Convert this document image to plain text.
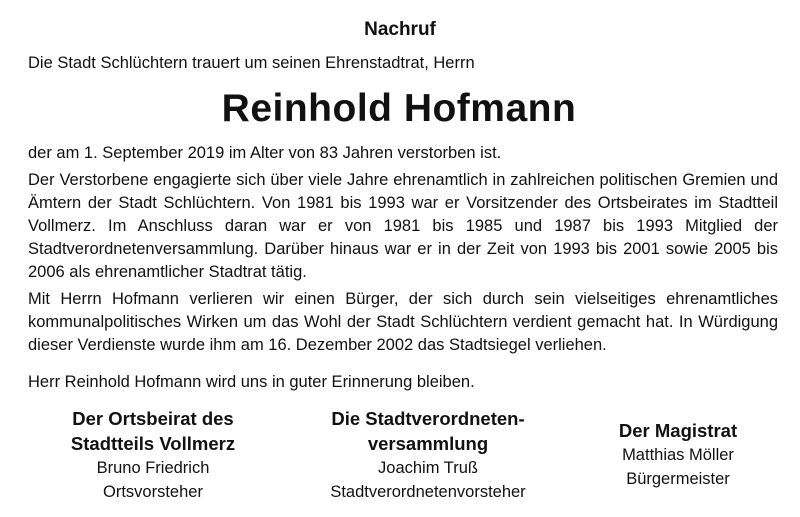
Nachruf
Die Stadt Schlüchtern trauert um seinen Ehrenstadtrat, Herrn
Reinhold Hofmann

der am 1. September 2019 im Alter von 83 Jahren verstorben ist.

Der Verstorbene engagierte sich über viele Jahre ehrenamtlich in zahlreichen politischen Gremien und Ämtern der Stadt Schlüchtern. Von 1981 bis 1993 war er Vorsitzender des Ortsbeirates im Stadtteil Vollmerz. Im Anschluss daran war er von 1981 bis 1985 und 1987 bis 1993 Mitglied der Stadtverordnetenversammlung. Darüber hinaus war er in der Zeit von 1993 bis 2001 sowie 2005 bis 2006 als ehrenamtlicher Stadtrat tätig.

Mit Herrn Hofmann verlieren wir einen Bürger, der sich durch sein vielseitiges ehrenamtliches kommunalpolitisches Wirken um das Wohl der Stadt Schlüchtern verdient gemacht hat. In Würdigung dieser Verdienste wurde ihm am 16. Dezember 2002 das Stadtsiegel verliehen.

Herr Reinhold Hofmann wird uns in guter Erinnerung bleiben.

Der Ortsbeirat des
Stadtteils Vollmerz
Bruno Friedrich
Ortsvorsteher
Die Stadtverordneten-
versammlung
Joachim Truß
Stadtverordnetenvorsteher
Der Magistrat
Matthias Möller
Bürgermeister
